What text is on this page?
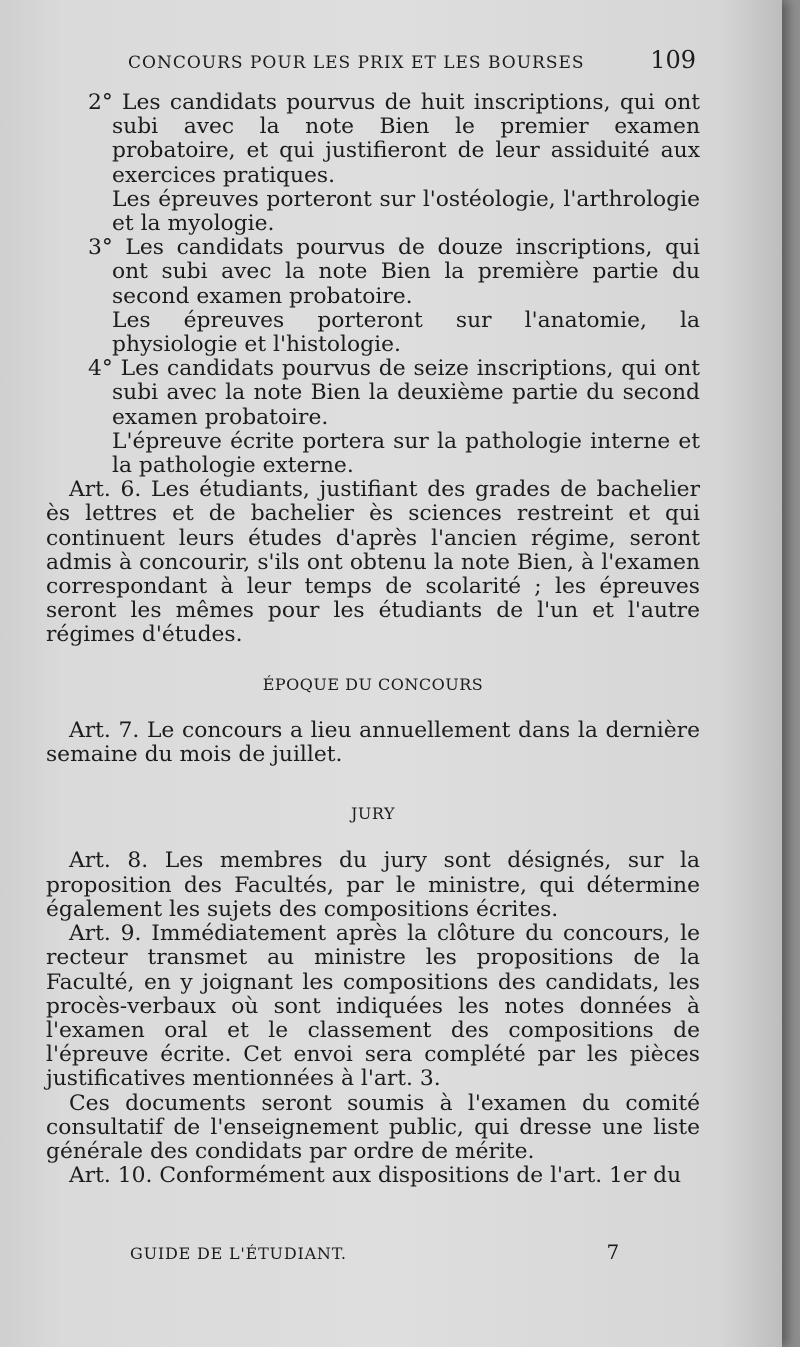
CONCOURS POUR LES PRIX ET LES BOURSES	109

2° Les candidats pourvus de huit inscriptions, qui ont subi avec la note Bien le premier examen probatoire, et qui justifieront de leur assiduité aux exercices pratiques.

Les épreuves porteront sur l'ostéologie, l'arthrologie et la myologie.

3° Les candidats pourvus de douze inscriptions, qui ont subi avec la note Bien la première partie du second examen probatoire.

Les épreuves porteront sur l'anatomie, la physiologie et l'histologie.

4° Les candidats pourvus de seize inscriptions, qui ont subi avec la note Bien la deuxième partie du second examen probatoire.

L'épreuve écrite portera sur la pathologie interne et la pathologie externe.

Art. 6. Les étudiants, justifiant des grades de bachelier ès lettres et de bachelier ès sciences restreint et qui continuent leurs études d'après l'ancien régime, seront admis à concourir, s'ils ont obtenu la note Bien, à l'examen correspondant à leur temps de scolarité ; les épreuves seront les mêmes pour les étudiants de l'un et l'autre régimes d'études.

ÉPOQUE DU CONCOURS

Art. 7. Le concours a lieu annuellement dans la dernière semaine du mois de juillet.

JURY

Art. 8. Les membres du jury sont désignés, sur la proposition des Facultés, par le ministre, qui détermine également les sujets des compositions écrites.

Art. 9. Immédiatement après la clôture du concours, le recteur transmet au ministre les propositions de la Faculté, en y joignant les compositions des candidats, les procès-verbaux où sont indiquées les notes données à l'examen oral et le classement des compositions de l'épreuve écrite. Cet envoi sera complété par les pièces justificatives mentionnées à l'art. 3.

Ces documents seront soumis à l'examen du comité consultatif de l'enseignement public, qui dresse une liste générale des condidats par ordre de mérite.

Art. 10. Conformément aux dispositions de l'art. 1er du

GUIDE DE L'ÉTUDIANT.	7
